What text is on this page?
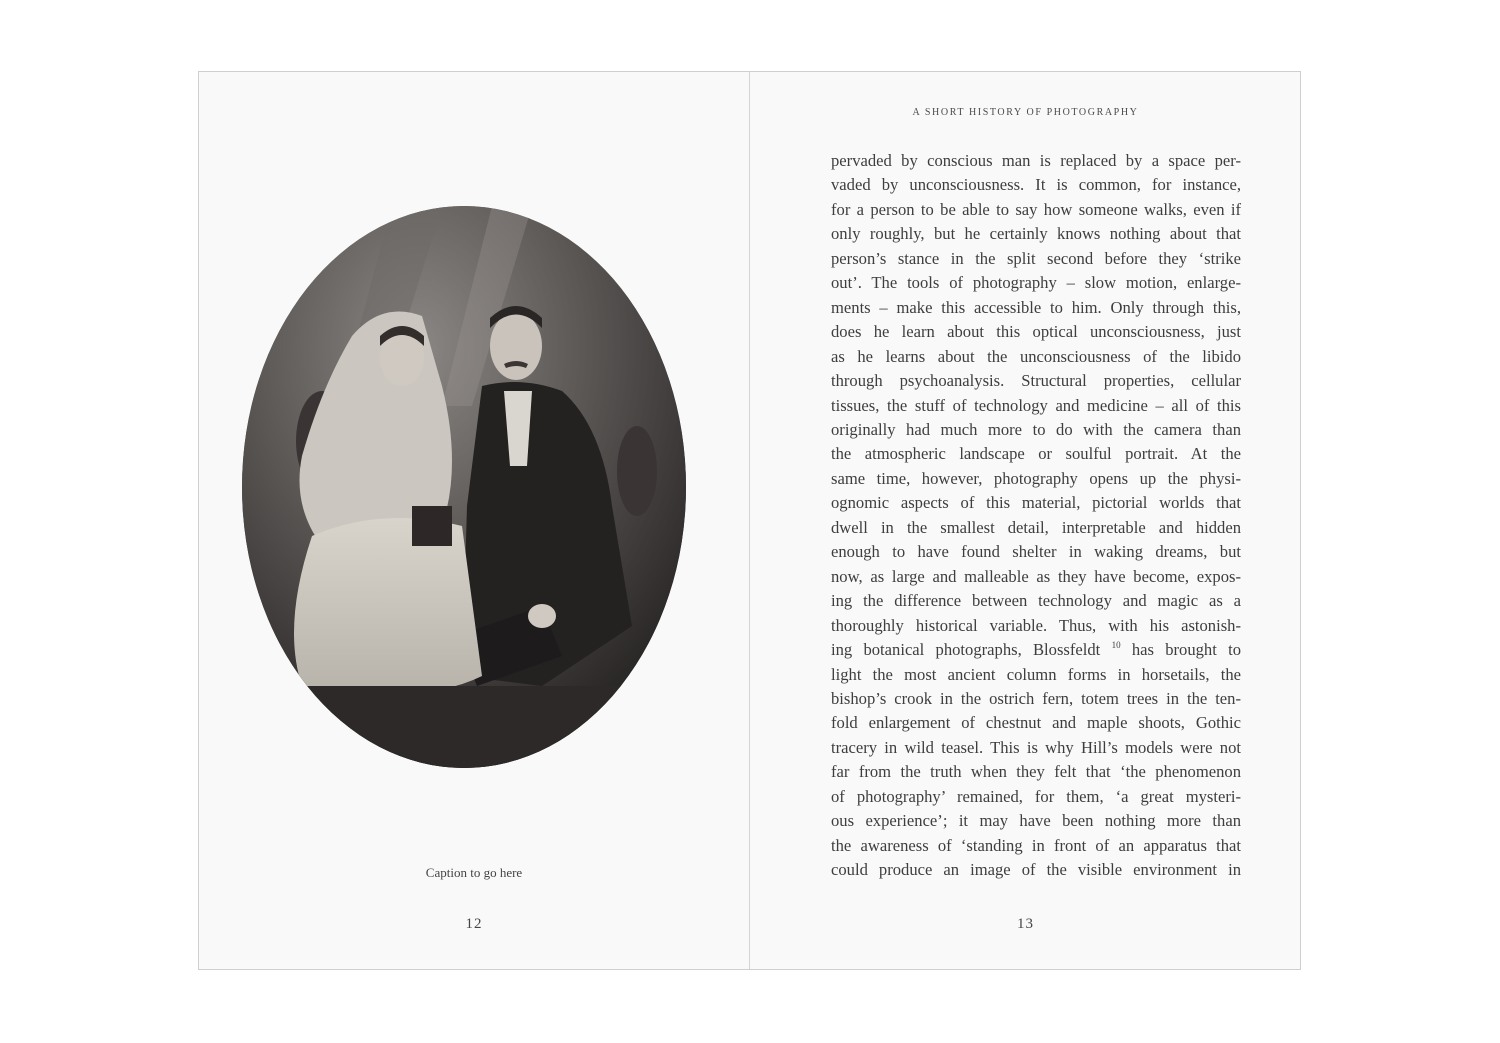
Caption to go here
12
A SHORT HISTORY OF PHOTOGRAPHY
pervaded by conscious man is replaced by a space per-
vaded by unconsciousness. It is common, for instance,
for a person to be able to say how someone walks, even if
only roughly, but he certainly knows nothing about that
person’s stance in the split second before they ‘strike
out’. The tools of photography – slow motion, enlarge-
ments – make this accessible to him. Only through this,
does he learn about this optical unconsciousness, just
as he learns about the unconsciousness of the libido
through psychoanalysis. Structural properties, cellular
tissues, the stuff of technology and medicine – all of this
originally had much more to do with the camera than
the atmospheric landscape or soulful portrait. At the
same time, however, photography opens up the physi-
ognomic aspects of this material, pictorial worlds that
dwell in the smallest detail, interpretable and hidden
enough to have found shelter in waking dreams, but
now, as large and malleable as they have become, expos-
ing the difference between technology and magic as a
thoroughly historical variable. Thus, with his astonish-
ing botanical photographs, Blossfeldt $^{10}$ has brought to
light the most ancient column forms in horsetails, the
bishop’s crook in the ostrich fern, totem trees in the ten-
fold enlargement of chestnut and maple shoots, Gothic
tracery in wild teasel. This is why Hill’s models were not
far from the truth when they felt that ‘the phenomenon
of photography’ remained, for them, ‘a great mysteri-
ous experience’; it may have been nothing more than
the awareness of ‘standing in front of an apparatus that
could produce an image of the visible environment in
13
